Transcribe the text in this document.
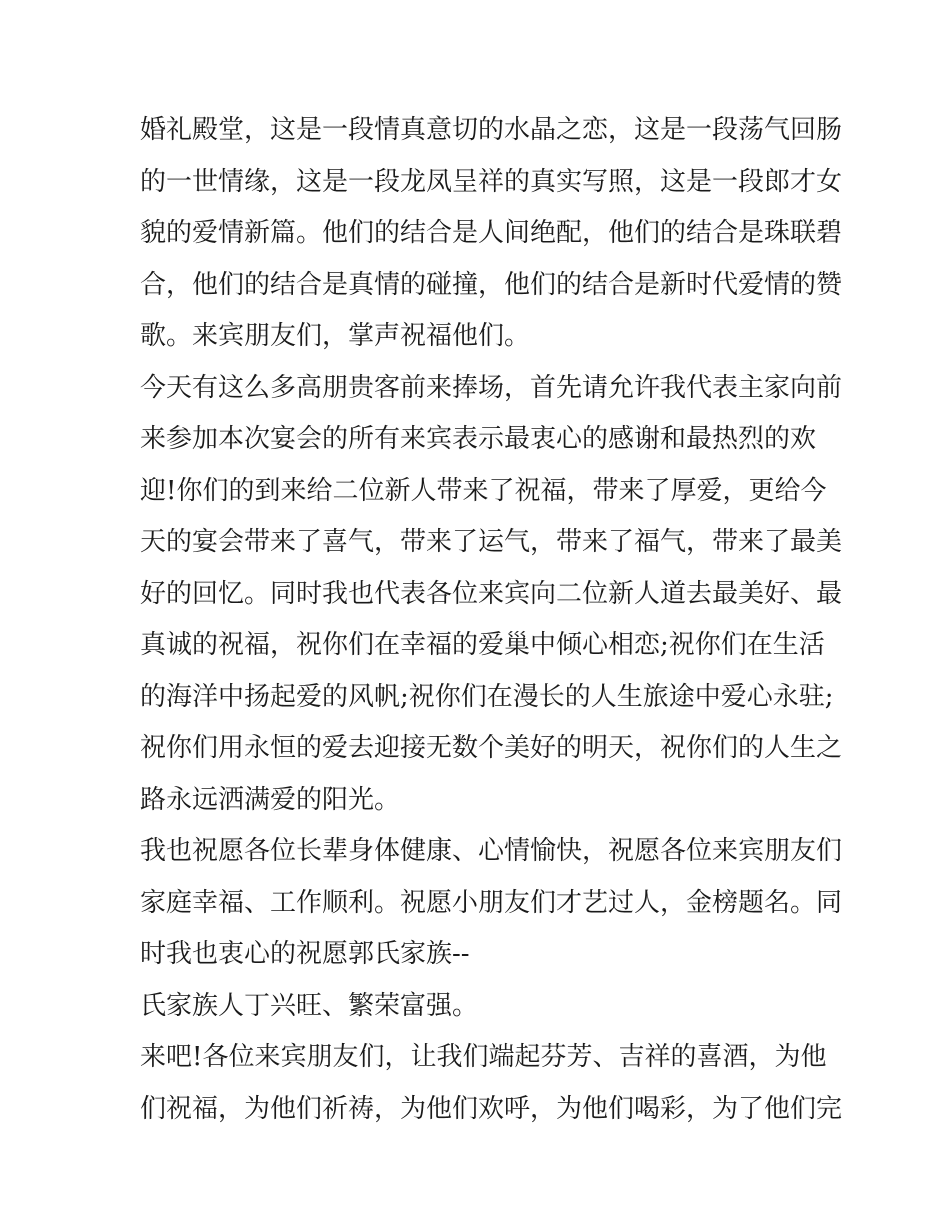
婚礼殿堂，这是一段情真意切的水晶之恋，这是一段荡气回肠
的一世情缘，这是一段龙凤呈祥的真实写照，这是一段郎才女
貌的爱情新篇。他们的结合是人间绝配，他们的结合是珠联碧
合，他们的结合是真情的碰撞，他们的结合是新时代爱情的赞
歌。来宾朋友们，掌声祝福他们。
今天有这么多高朋贵客前来捧场，首先请允许我代表主家向前
来参加本次宴会的所有来宾表示最衷心的感谢和最热烈的欢
迎!你们的到来给二位新人带来了祝福，带来了厚爱，更给今
天的宴会带来了喜气，带来了运气，带来了福气，带来了最美
好的回忆。同时我也代表各位来宾向二位新人道去最美好、最
真诚的祝福，祝你们在幸福的爱巢中倾心相恋;祝你们在生活
的海洋中扬起爱的风帆;祝你们在漫长的人生旅途中爱心永驻;
祝你们用永恒的爱去迎接无数个美好的明天，祝你们的人生之
路永远洒满爱的阳光。
我也祝愿各位长辈身体健康、心情愉快，祝愿各位来宾朋友们
家庭幸福、工作顺利。祝愿小朋友们才艺过人，金榜题名。同
时我也衷心的祝愿郭氏家族--
氏家族人丁兴旺、繁荣富强。
来吧!各位来宾朋友们，让我们端起芬芳、吉祥的喜酒，为他
们祝福，为他们祈祷，为他们欢呼，为他们喝彩，为了他们完
